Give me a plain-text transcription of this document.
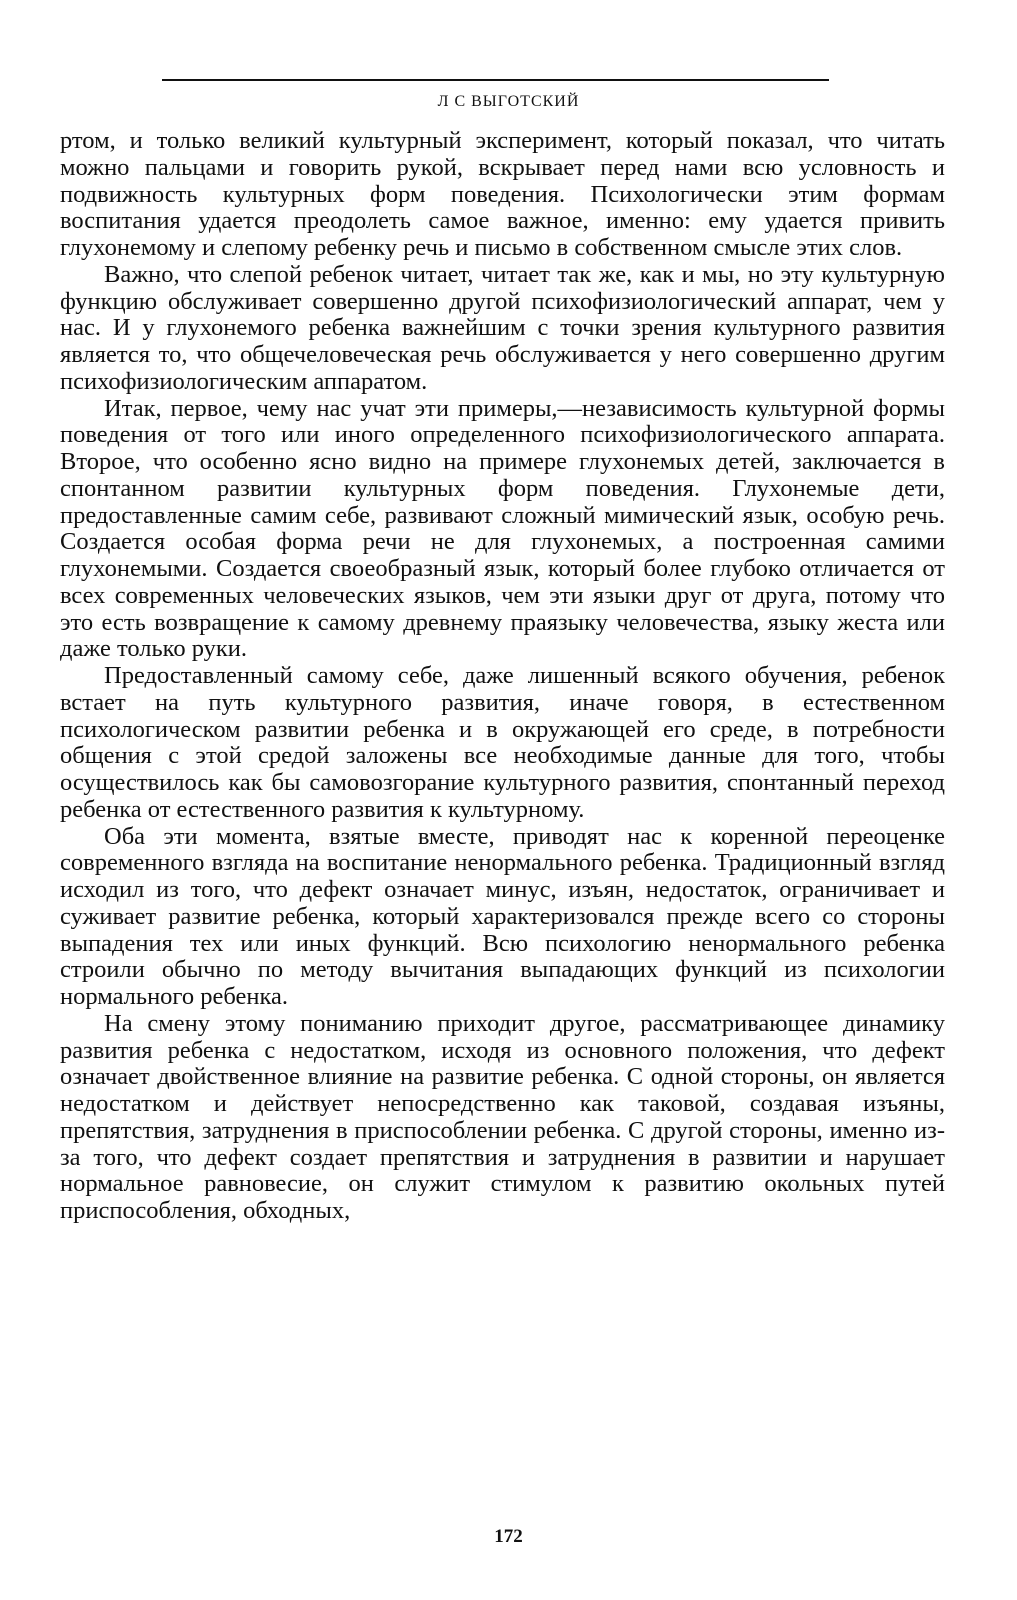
Л С ВЫГОТСКИЙ

ртом, и только великий культурный эксперимент, который показал, что читать можно пальцами и говорить рукой, вскрывает перед нами всю условность и подвижность культурных форм поведения. Психологически этим формам воспитания удается преодолеть самое важное, именно: ему удается привить глухонемому и слепому ребенку речь и письмо в собственном смысле этих слов.

Важно, что слепой ребенок читает, читает так же, как и мы, но эту культурную функцию обслуживает совершенно другой психофизиологический аппарат, чем у нас. И у глухонемого ребенка важнейшим с точки зрения культурного развития является то, что общечеловеческая речь обслуживается у него совершенно другим психофизиологическим аппаратом.

Итак, первое, чему нас учат эти примеры,—независимость культурной формы поведения от того или иного определенного психофизиологического аппарата. Второе, что особенно ясно видно на примере глухонемых детей, заключается в спонтанном развитии культурных форм поведения. Глухонемые дети, предоставленные самим себе, развивают сложный мимический язык, особую речь. Создается особая форма речи не для глухонемых, а построенная самими глухонемыми. Создается своеобразный язык, который более глубоко отличается от всех современных человеческих языков, чем эти языки друг от друга, потому что это есть возвращение к самому древнему праязыку человечества, языку жеста или даже только руки.

Предоставленный самому себе, даже лишенный всякого обучения, ребенок встает на путь культурного развития, иначе говоря, в естественном психологическом развитии ребенка и в окружающей его среде, в потребности общения с этой средой заложены все необходимые данные для того, чтобы осуществилось как бы самовозгорание культурного развития, спонтанный переход ребенка от естественного развития к культурному.

Оба эти момента, взятые вместе, приводят нас к коренной переоценке современного взгляда на воспитание ненормального ребенка. Традиционный взгляд исходил из того, что дефект означает минус, изъян, недостаток, ограничивает и суживает развитие ребенка, который характеризовался прежде всего со стороны выпадения тех или иных функций. Всю психологию ненормального ребенка строили обычно по методу вычитания выпадающих функций из психологии нормального ребенка.

На смену этому пониманию приходит другое, рассматривающее динамику развития ребенка с недостатком, исходя из основного положения, что дефект означает двойственное влияние на развитие ребенка. С одной стороны, он является недостатком и действует непосредственно как таковой, создавая изъяны, препятствия, затруднения в приспособлении ребенка. С другой стороны, именно из-за того, что дефект создает препятствия и затруднения в развитии и нарушает нормальное равновесие, он служит стимулом к развитию окольных путей приспособления, обходных,

172
